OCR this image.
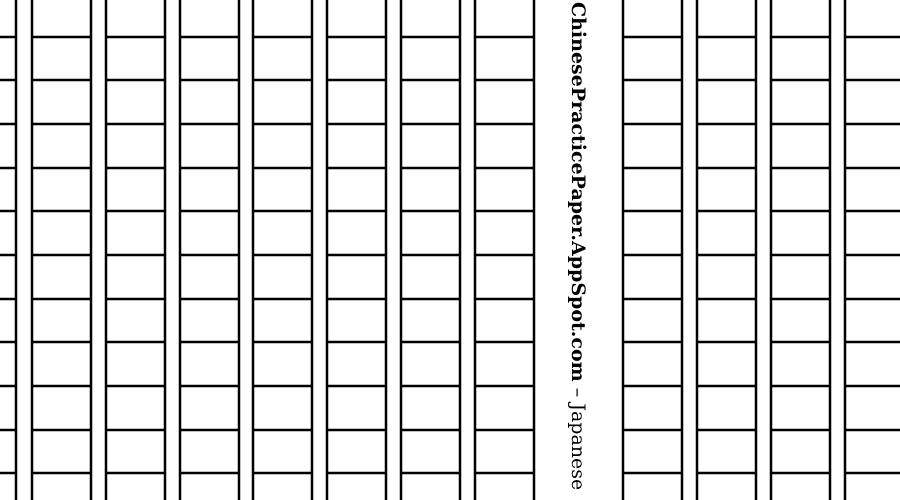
ChinesePracticePaper.AppSpot.com – Japanese
